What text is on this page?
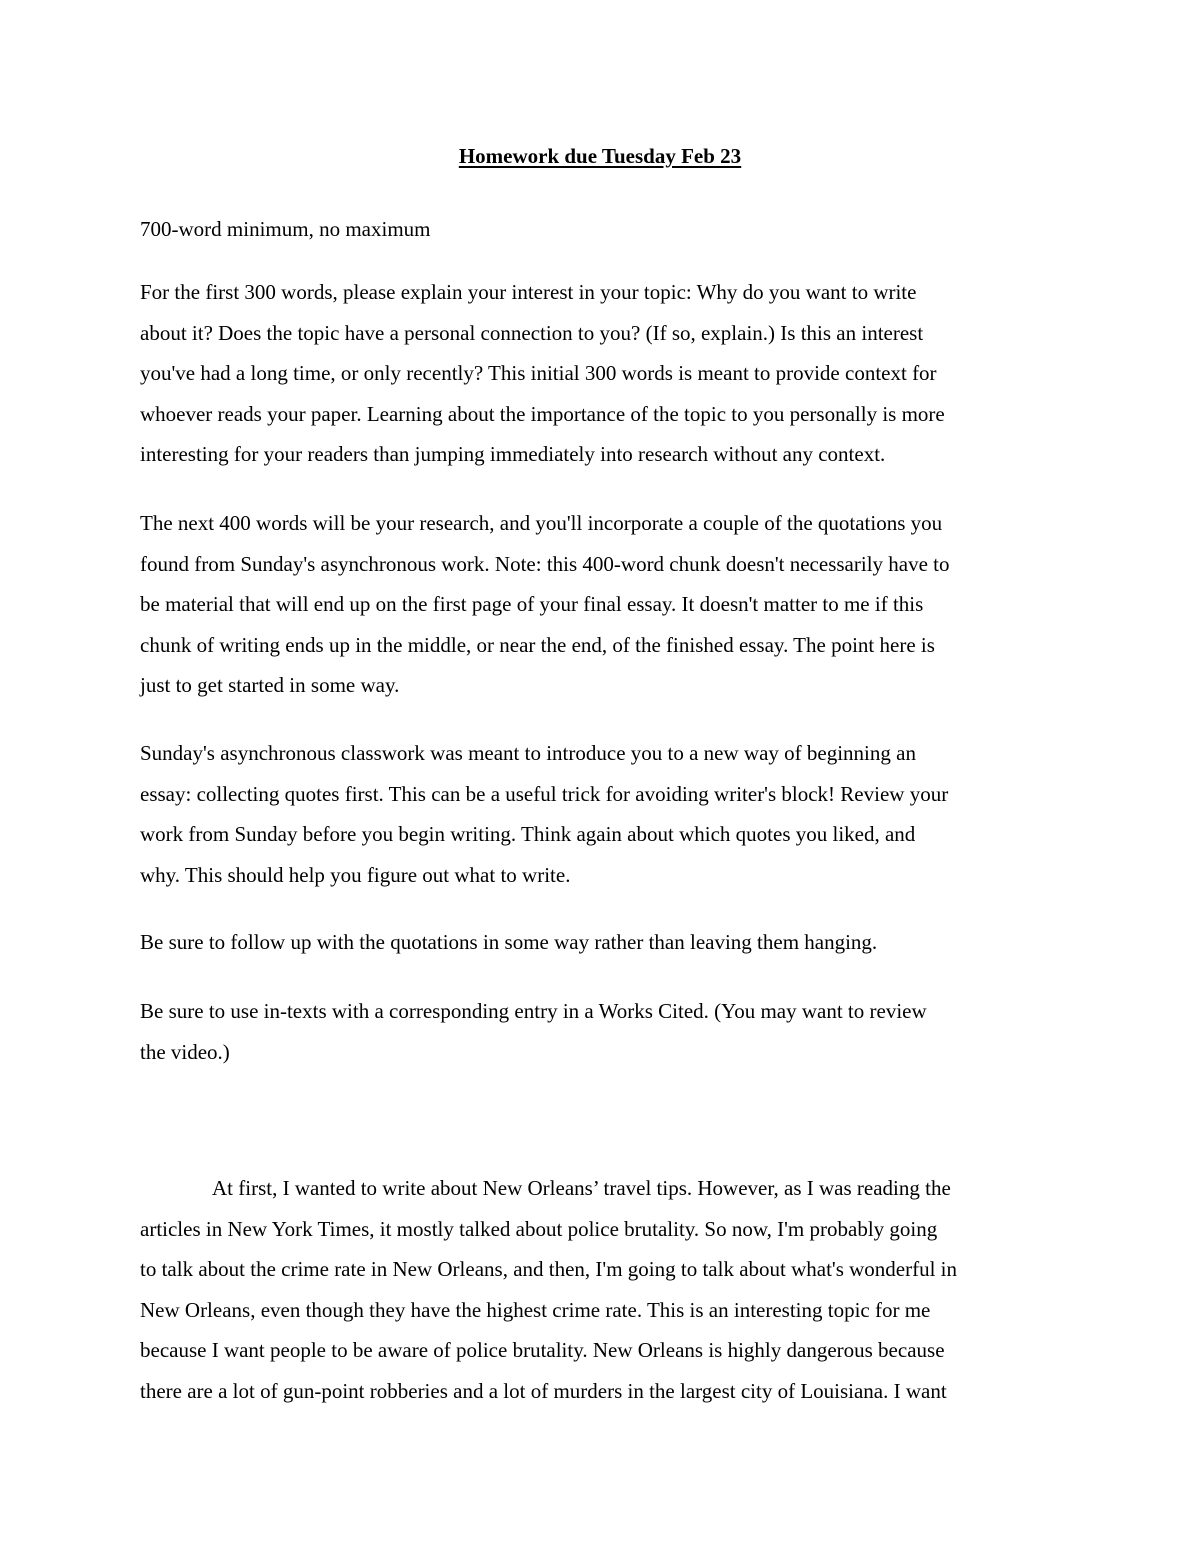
Homework due Tuesday Feb 23
700-word minimum, no maximum
For the first 300 words, please explain your interest in your topic: Why do you want to write
about it? Does the topic have a personal connection to you? (If so, explain.) Is this an interest
you've had a long time, or only recently? This initial 300 words is meant to provide context for
whoever reads your paper. Learning about the importance of the topic to you personally is more
interesting for your readers than jumping immediately into research without any context.
The next 400 words will be your research, and you'll incorporate a couple of the quotations you
found from Sunday's asynchronous work. Note: this 400-word chunk doesn't necessarily have to
be material that will end up on the first page of your final essay. It doesn't matter to me if this
chunk of writing ends up in the middle, or near the end, of the finished essay. The point here is
just to get started in some way.
Sunday's asynchronous classwork was meant to introduce you to a new way of beginning an
essay: collecting quotes first. This can be a useful trick for avoiding writer's block! Review your
work from Sunday before you begin writing. Think again about which quotes you liked, and
why. This should help you figure out what to write.
Be sure to follow up with the quotations in some way rather than leaving them hanging.
Be sure to use in-texts with a corresponding entry in a Works Cited. (You may want to review
the video.)
At first, I wanted to write about New Orleans’ travel tips. However, as I was reading the
articles in New York Times, it mostly talked about police brutality. So now, I'm probably going
to talk about the crime rate in New Orleans, and then, I'm going to talk about what's wonderful in
New Orleans, even though they have the highest crime rate. This is an interesting topic for me
because I want people to be aware of police brutality. New Orleans is highly dangerous because
there are a lot of gun-point robberies and a lot of murders in the largest city of Louisiana. I want
